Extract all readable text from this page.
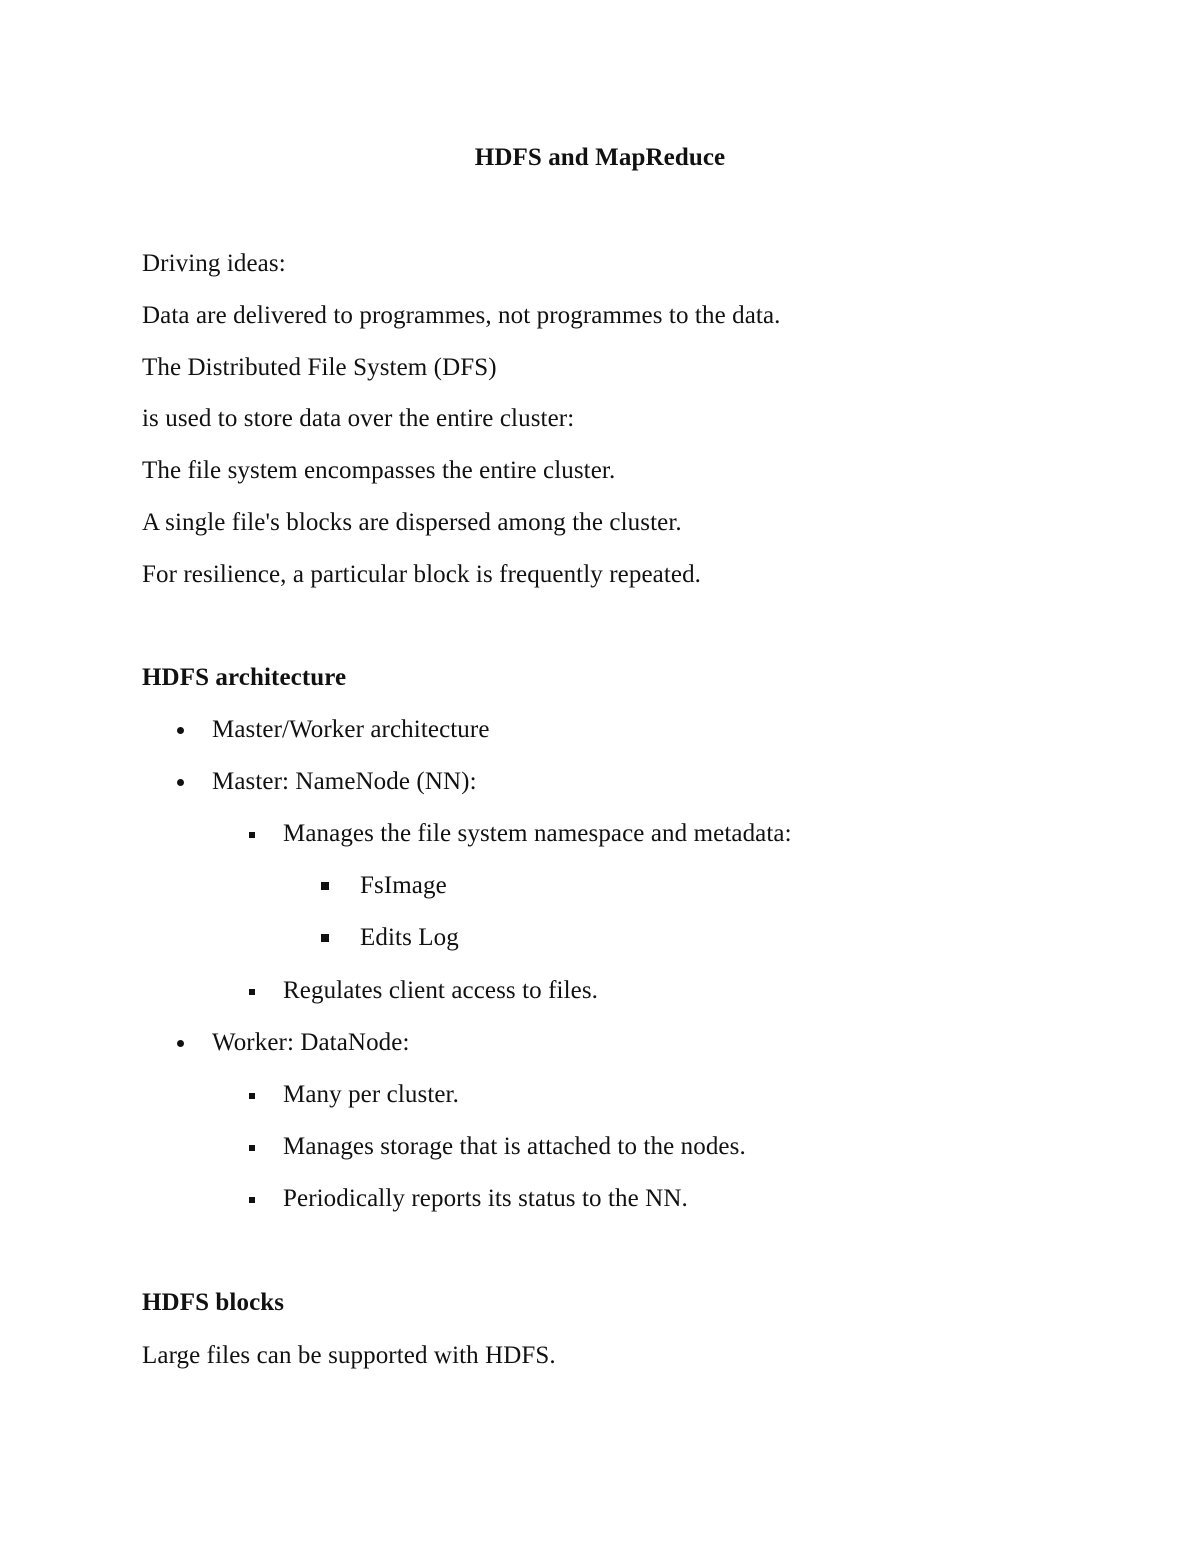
HDFS and MapReduce
Driving ideas:
Data are delivered to programmes, not programmes to the data.
The Distributed File System (DFS)
is used to store data over the entire cluster:
The file system encompasses the entire cluster.
A single file's blocks are dispersed among the cluster.
For resilience, a particular block is frequently repeated.
HDFS architecture
Master/Worker architecture
Master: NameNode (NN):
Manages the file system namespace and metadata:
FsImage
Edits Log
Regulates client access to files.
Worker: DataNode:
Many per cluster.
Manages storage that is attached to the nodes.
Periodically reports its status to the NN.
HDFS blocks
Large files can be supported with HDFS.
